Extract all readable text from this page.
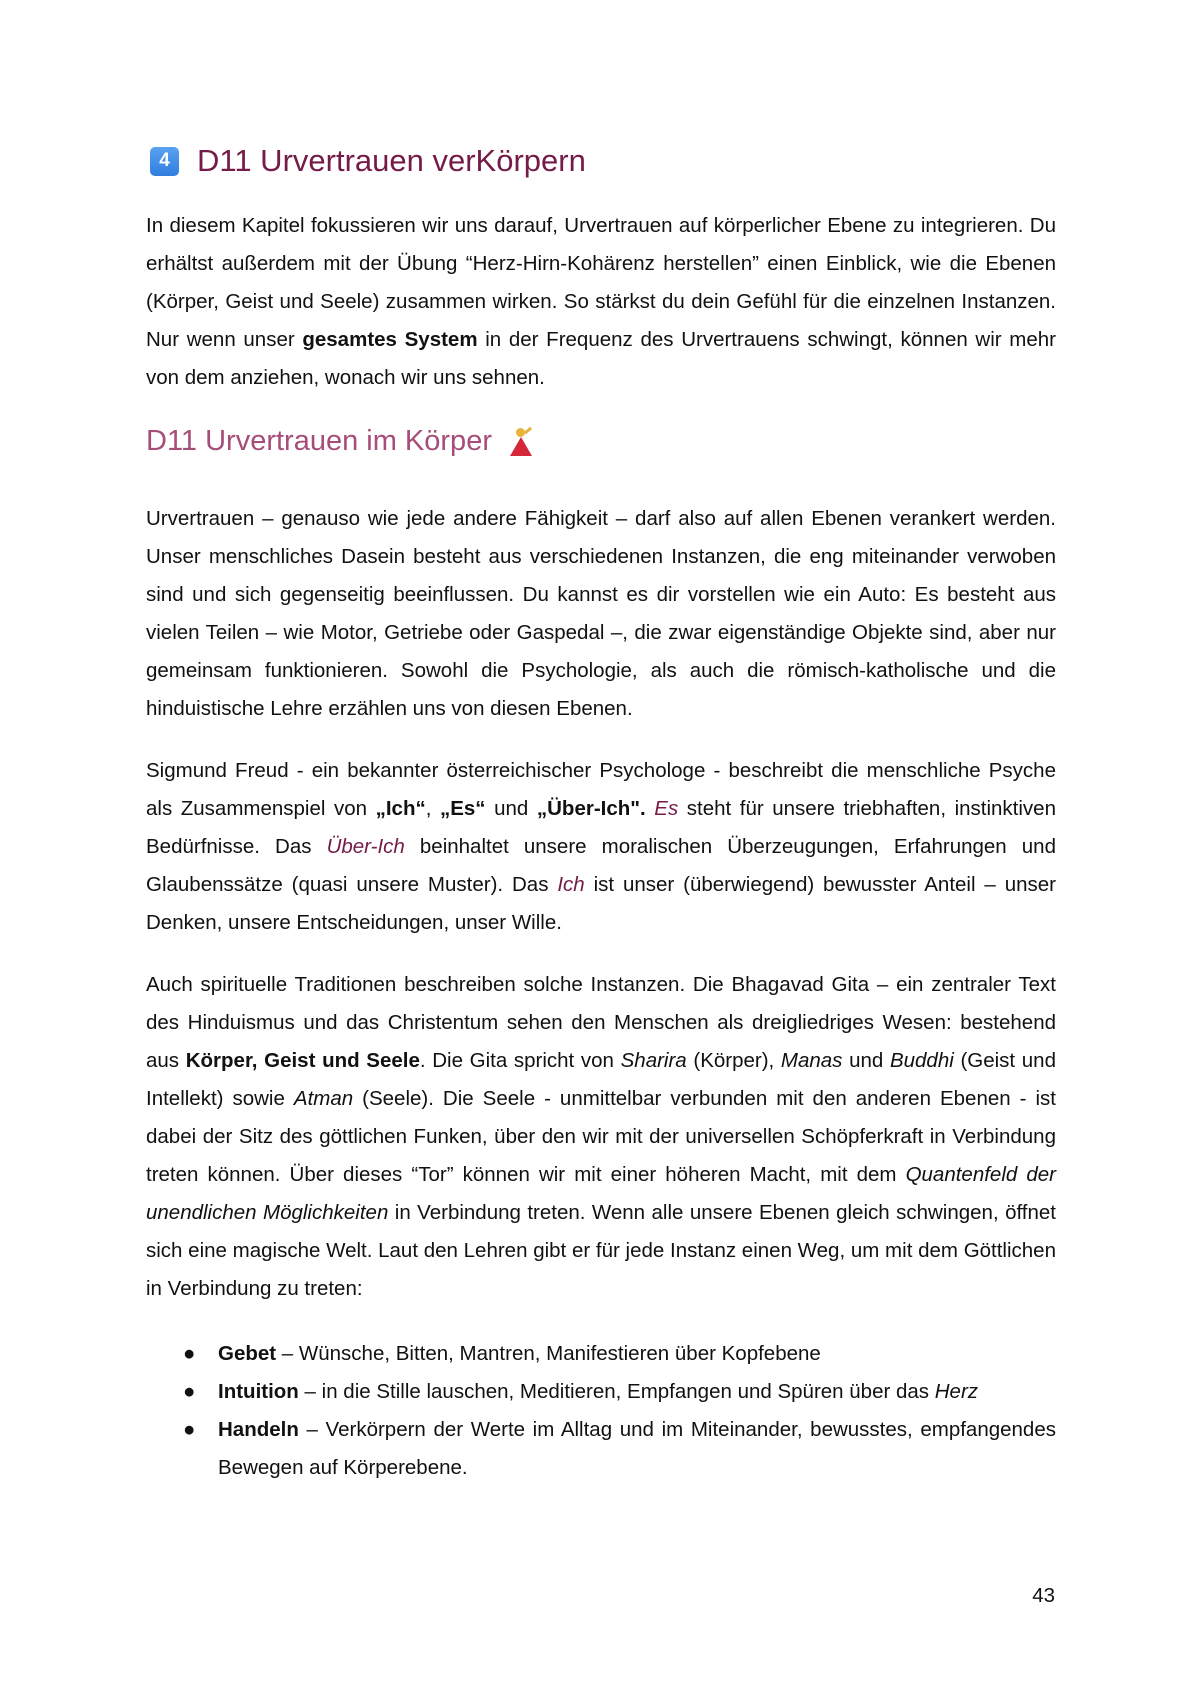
4 D11 Urvertrauen verKörpern

In diesem Kapitel fokussieren wir uns darauf, Urvertrauen auf körperlicher Ebene zu integrieren. Du erhältst außerdem mit der Übung “Herz-Hirn-Kohärenz herstellen” einen Einblick, wie die Ebenen (Körper, Geist und Seele) zusammen wirken. So stärkst du dein Gefühl für die einzelnen Instanzen. Nur wenn unser gesamtes System in der Frequenz des Urvertrauens schwingt, können wir mehr von dem anziehen, wonach wir uns sehnen.

D11 Urvertrauen im Körper

Urvertrauen – genauso wie jede andere Fähigkeit – darf also auf allen Ebenen verankert werden. Unser menschliches Dasein besteht aus verschiedenen Instanzen, die eng miteinander verwoben sind und sich gegenseitig beeinflussen. Du kannst es dir vorstellen wie ein Auto: Es besteht aus vielen Teilen – wie Motor, Getriebe oder Gaspedal –, die zwar eigenständige Objekte sind, aber nur gemeinsam funktionieren. Sowohl die Psychologie, als auch die römisch-katholische und die hinduistische Lehre erzählen uns von diesen Ebenen.

Sigmund Freud - ein bekannter österreichischer Psychologe - beschreibt die menschliche Psyche als Zusammenspiel von „Ich“, „Es“ und „Über-Ich". Es steht für unsere triebhaften, instinktiven Bedürfnisse. Das Über-Ich beinhaltet unsere moralischen Überzeugungen, Erfahrungen und Glaubenssätze (quasi unsere Muster). Das Ich ist unser (überwiegend) bewusster Anteil – unser Denken, unsere Entscheidungen, unser Wille.

Auch spirituelle Traditionen beschreiben solche Instanzen. Die Bhagavad Gita – ein zentraler Text des Hinduismus und das Christentum sehen den Menschen als dreigliedriges Wesen: bestehend aus Körper, Geist und Seele. Die Gita spricht von Sharira (Körper), Manas und Buddhi (Geist und Intellekt) sowie Atman (Seele). Die Seele - unmittelbar verbunden mit den anderen Ebenen - ist dabei der Sitz des göttlichen Funken, über den wir mit der universellen Schöpferkraft in Verbindung treten können. Über dieses “Tor” können wir mit einer höheren Macht, mit dem Quantenfeld der unendlichen Möglichkeiten in Verbindung treten. Wenn alle unsere Ebenen gleich schwingen, öffnet sich eine magische Welt. Laut den Lehren gibt er für jede Instanz einen Weg, um mit dem Göttlichen in Verbindung zu treten:

● Gebet – Wünsche, Bitten, Mantren, Manifestieren über Kopfebene
● Intuition – in die Stille lauschen, Meditieren, Empfangen und Spüren über das Herz
● Handeln – Verkörpern der Werte im Alltag und im Miteinander, bewusstes, empfangendes Bewegen auf Körperebene.
43
